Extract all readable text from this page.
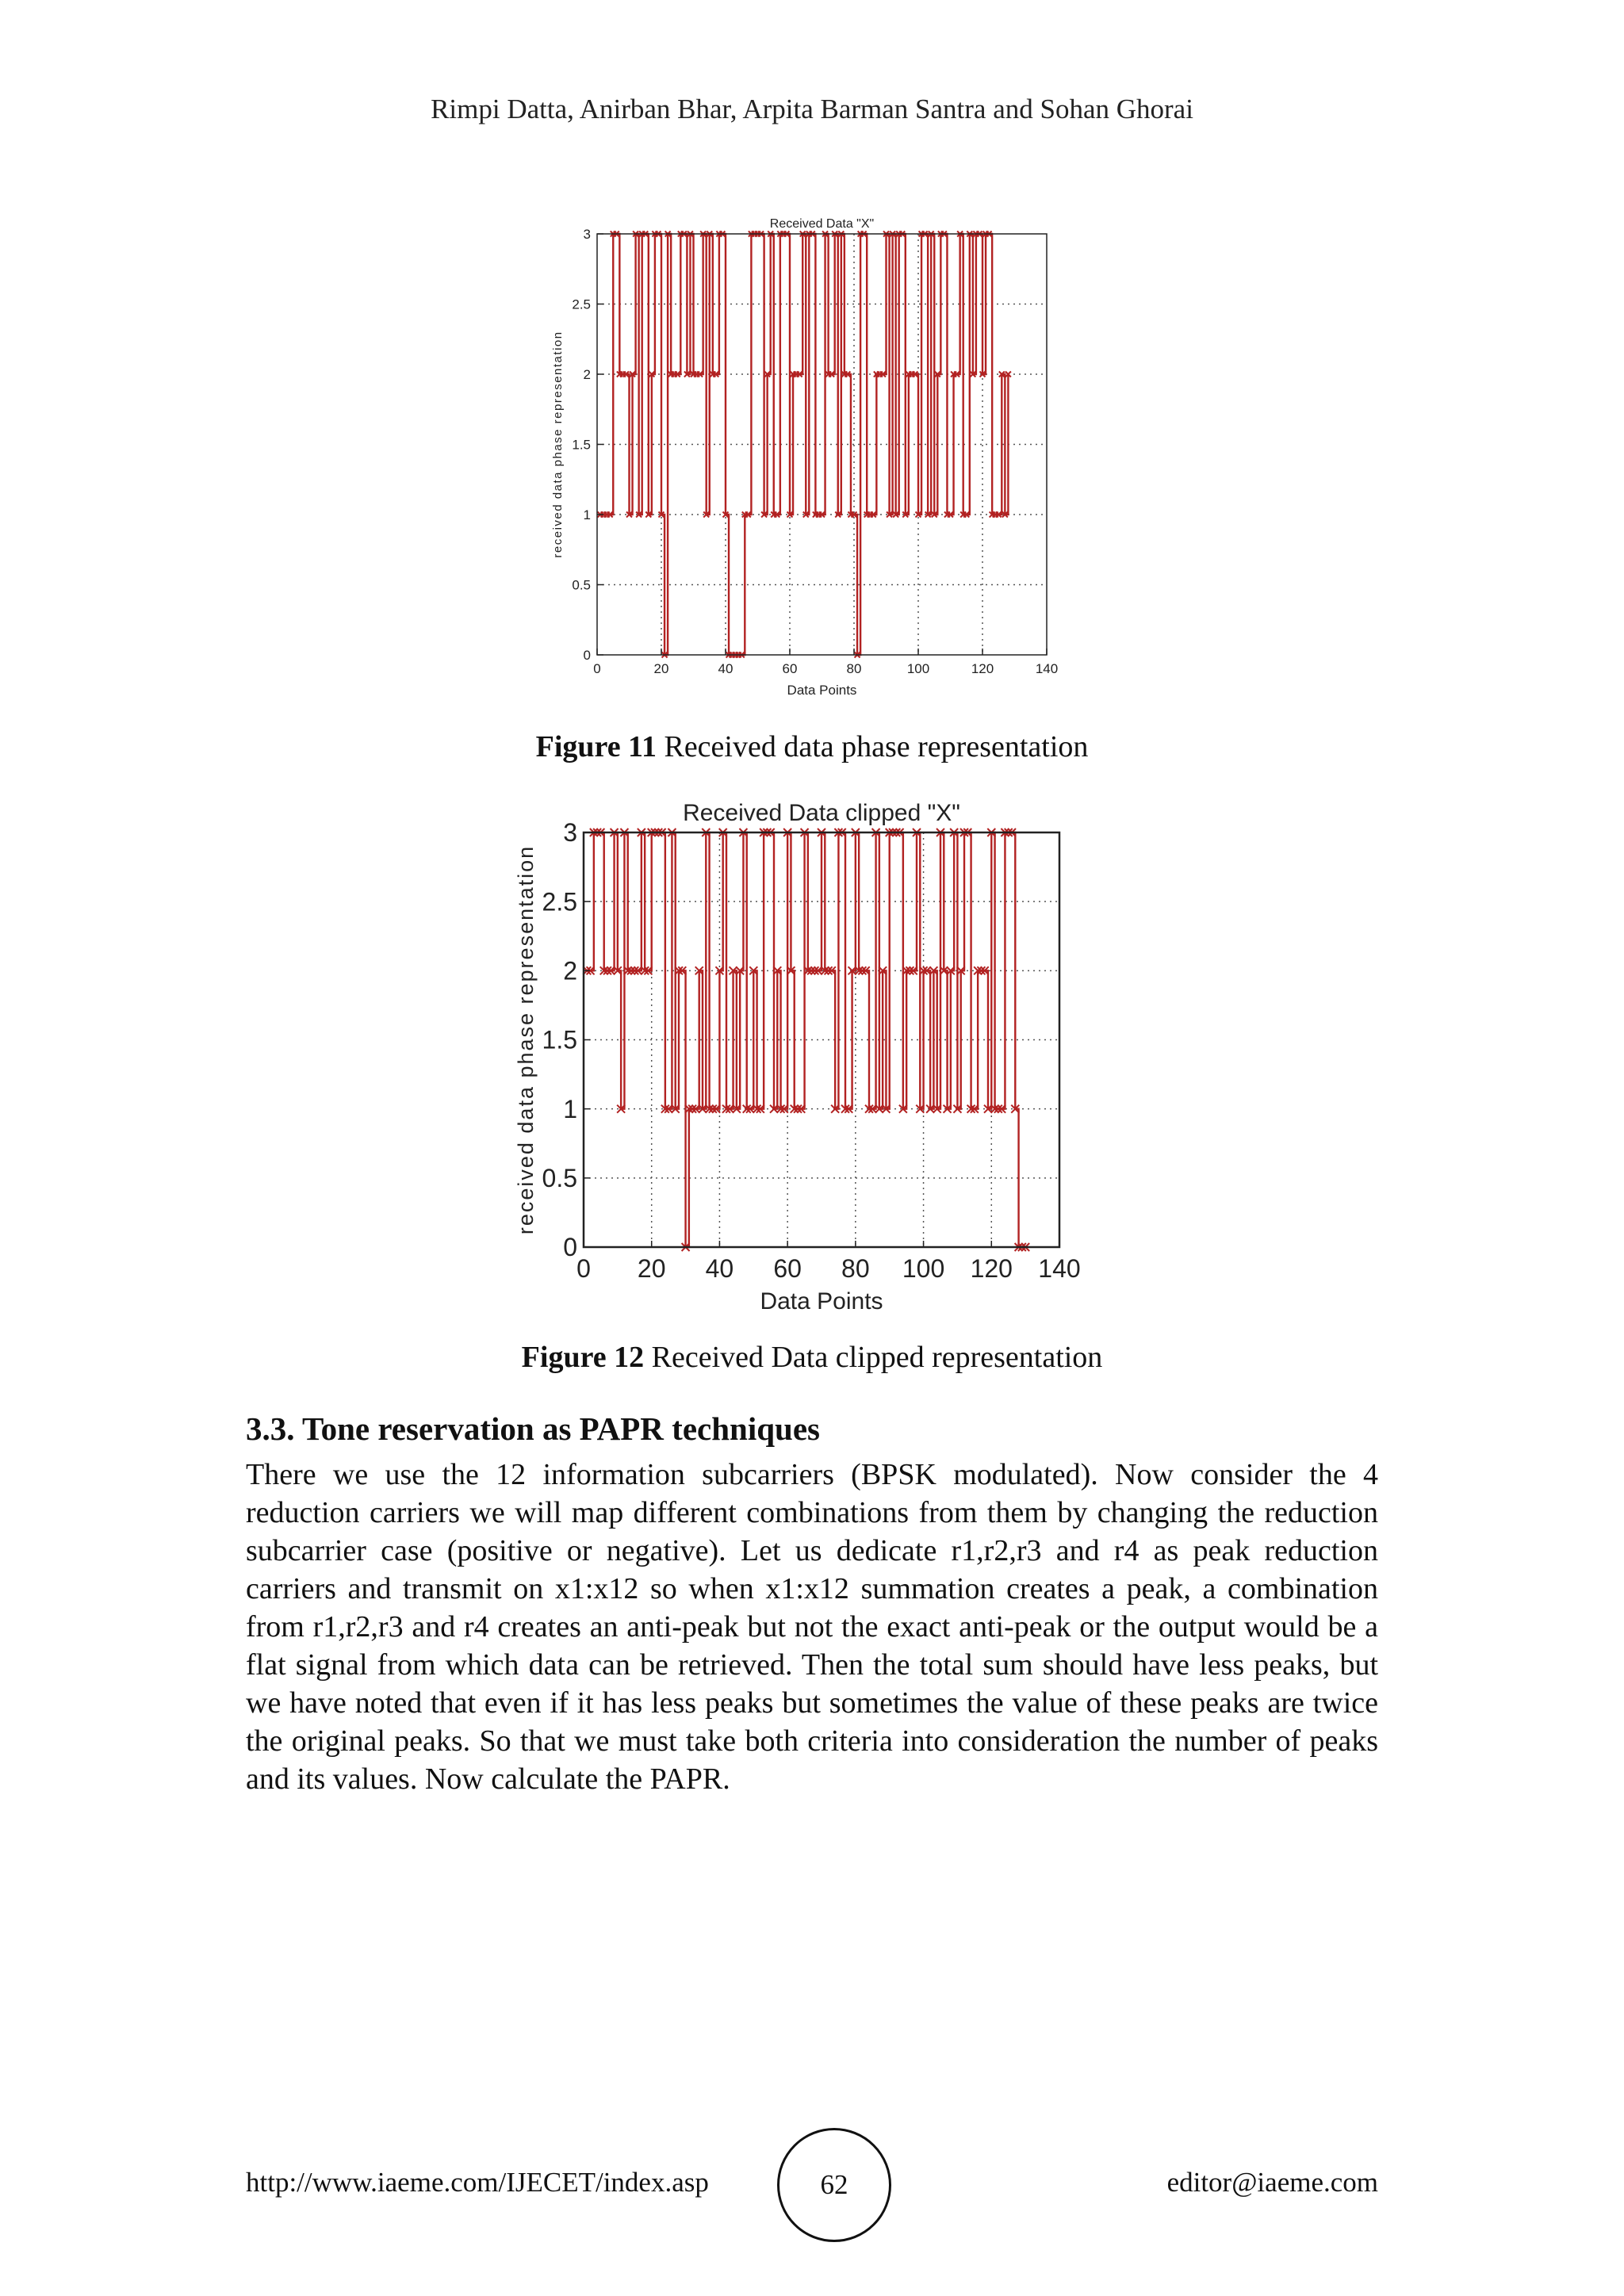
Rimpi Datta, Anirban Bhar, Arpita Barman Santra and Sohan Ghorai
Received Data "X"
0	20	40	60	80	100	120	140
0
0.5
1
1.5
2
2.5
3
Data Points
received data phase representation
Figure 11 Received data phase representation
Received Data clipped "X"
0 20 40 60 80 100 120 140
0
0.5
1
1.5
2
2.5
3
Data Points
received data phase representation
Figure 12 Received Data clipped representation
3.3. Tone reservation as PAPR techniques
There we use the 12 information subcarriers (BPSK modulated). Now consider the 4 reduction carriers we will map different combinations from them by changing the reduction subcarrier case (positive or negative). Let us dedicate r1,r2,r3 and r4 as peak reduction carriers and transmit on x1:x12 so when x1:x12 summation creates a peak, a combination from r1,r2,r3 and r4 creates an anti-peak but not the exact anti-peak or the output would be a flat signal from which data can be retrieved. Then the total sum should have less peaks, but we have noted that even if it has less peaks but sometimes the value of these peaks are twice the original peaks. So that we must take both criteria into consideration the number of peaks and its values. Now calculate the PAPR.
http://www.iaeme.com/IJECET/index.asp	62	editor@iaeme.com
